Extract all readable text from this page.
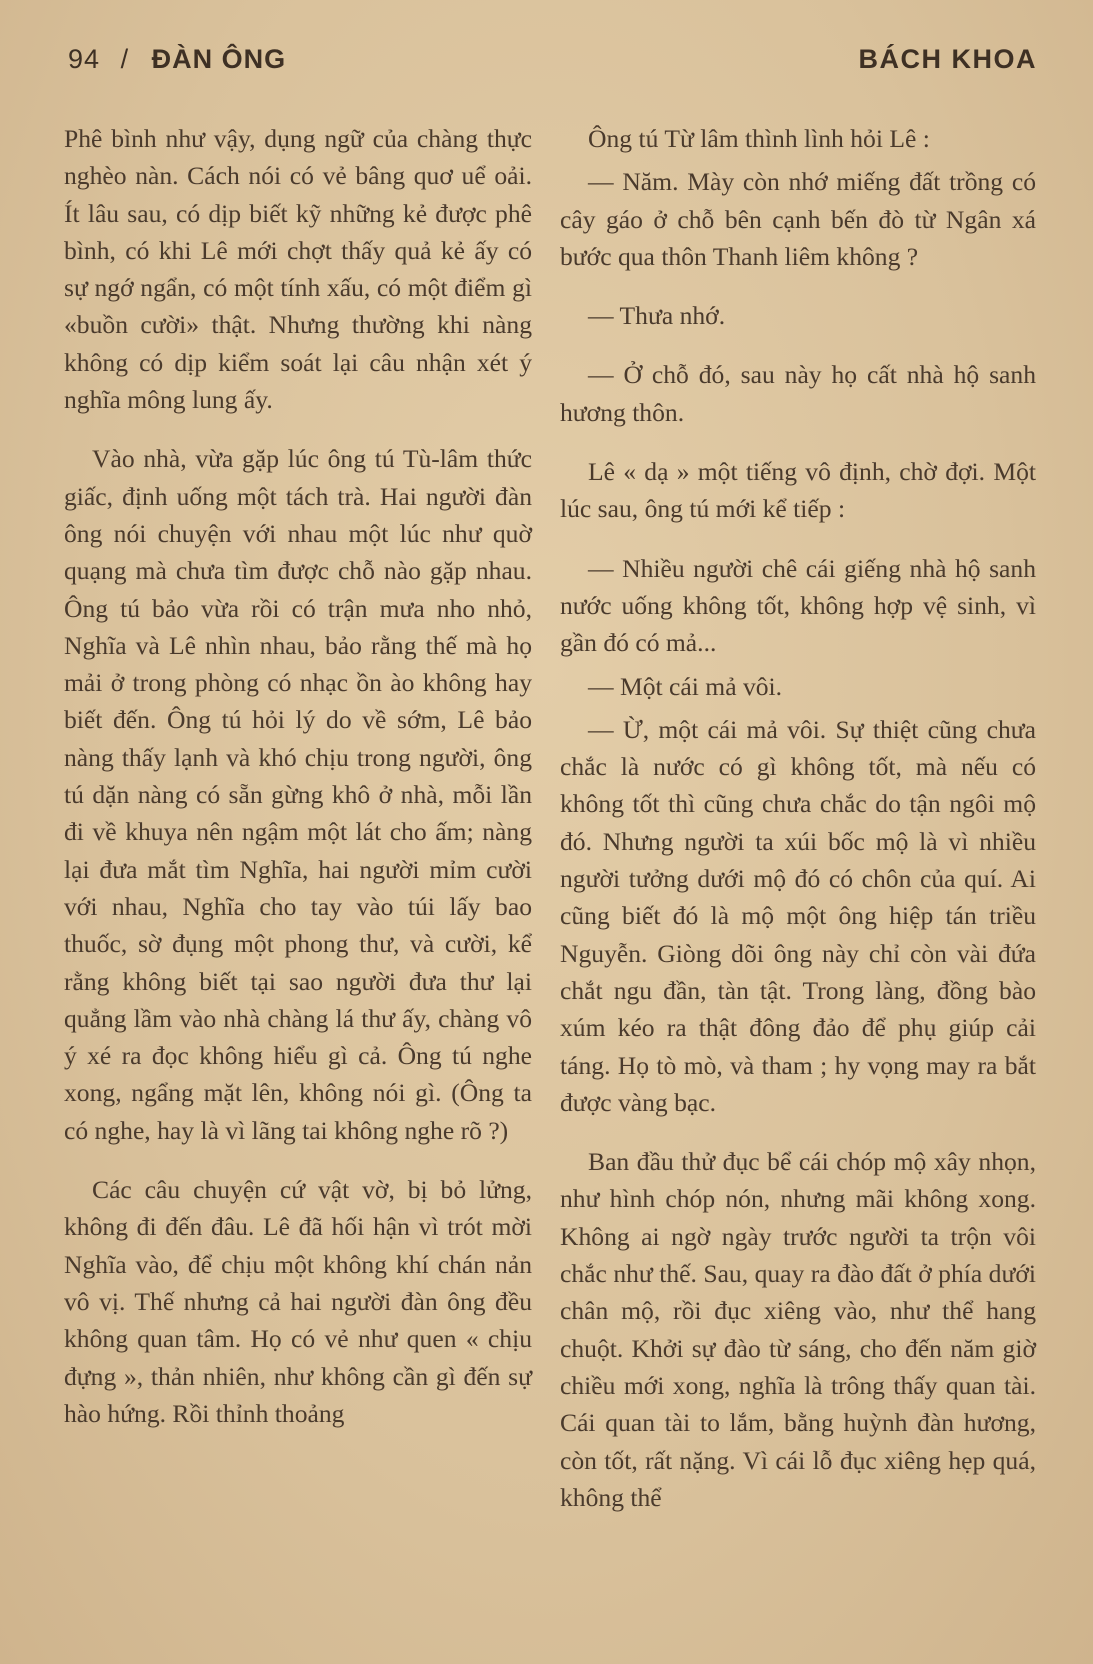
94 / ĐÀN ÔNG	BÁCH KHOA

Phê bình như vậy, dụng ngữ của chàng thực nghèo nàn. Cách nói có vẻ bâng quơ uể oải. Ít lâu sau, có dịp biết kỹ những kẻ được phê bình, có khi Lê mới chợt thấy quả kẻ ấy có sự ngớ ngẩn, có một tính xấu, có một điểm gì «buồn cười» thật. Nhưng thường khi nàng không có dịp kiểm soát lại câu nhận xét ý nghĩa mông lung ấy.

Vào nhà, vừa gặp lúc ông tú Tù-lâm thức giấc, định uống một tách trà. Hai người đàn ông nói chuyện với nhau một lúc như quờ quạng mà chưa tìm được chỗ nào gặp nhau. Ông tú bảo vừa rồi có trận mưa nho nhỏ, Nghĩa và Lê nhìn nhau, bảo rằng thế mà họ mải ở trong phòng có nhạc ồn ào không hay biết đến. Ông tú hỏi lý do về sớm, Lê bảo nàng thấy lạnh và khó chịu trong người, ông tú dặn nàng có sẵn gừng khô ở nhà, mỗi lần đi về khuya nên ngậm một lát cho ấm; nàng lại đưa mắt tìm Nghĩa, hai người mỉm cười với nhau, Nghĩa cho tay vào túi lấy bao thuốc, sờ đụng một phong thư, và cười, kể rằng không biết tại sao người đưa thư lại quẳng lầm vào nhà chàng lá thư ấy, chàng vô ý xé ra đọc không hiểu gì cả. Ông tú nghe xong, ngẩng mặt lên, không nói gì. (Ông ta có nghe, hay là vì lãng tai không nghe rõ ?)

Các câu chuyện cứ vật vờ, bị bỏ lửng, không đi đến đâu. Lê đã hối hận vì trót mời Nghĩa vào, để chịu một không khí chán nản vô vị. Thế nhưng cả hai người đàn ông đều không quan tâm. Họ có vẻ như quen « chịu đựng », thản nhiên, như không cần gì đến sự hào hứng. Rồi thỉnh thoảng

Ông tú Từ lâm thình lình hỏi Lê :

— Năm. Mày còn nhớ miếng đất trồng có cây gáo ở chỗ bên cạnh bến đò từ Ngân xá bước qua thôn Thanh liêm không ?

— Thưa nhớ.

— Ở chỗ đó, sau này họ cất nhà hộ sanh hương thôn.

Lê « dạ » một tiếng vô định, chờ đợi. Một lúc sau, ông tú mới kể tiếp :

— Nhiều người chê cái giếng nhà hộ sanh nước uống không tốt, không hợp vệ sinh, vì gần đó có mả...

— Một cái mả vôi.

— Ừ, một cái mả vôi. Sự thiệt cũng chưa chắc là nước có gì không tốt, mà nếu có không tốt thì cũng chưa chắc do tận ngôi mộ đó. Nhưng người ta xúi bốc mộ là vì nhiều người tưởng dưới mộ đó có chôn của quí. Ai cũng biết đó là mộ một ông hiệp tán triều Nguyễn. Giòng dõi ông này chỉ còn vài đứa chắt ngu đần, tàn tật. Trong làng, đồng bào xúm kéo ra thật đông đảo để phụ giúp cải táng. Họ tò mò, và tham ; hy vọng may ra bắt được vàng bạc.

Ban đầu thử đục bể cái chóp mộ xây nhọn, như hình chóp nón, nhưng mãi không xong. Không ai ngờ ngày trước người ta trộn vôi chắc như thế. Sau, quay ra đào đất ở phía dưới chân mộ, rồi đục xiêng vào, như thể hang chuột. Khởi sự đào từ sáng, cho đến năm giờ chiều mới xong, nghĩa là trông thấy quan tài. Cái quan tài to lắm, bằng huỳnh đàn hương, còn tốt, rất nặng. Vì cái lỗ đục xiêng hẹp quá, không thể
